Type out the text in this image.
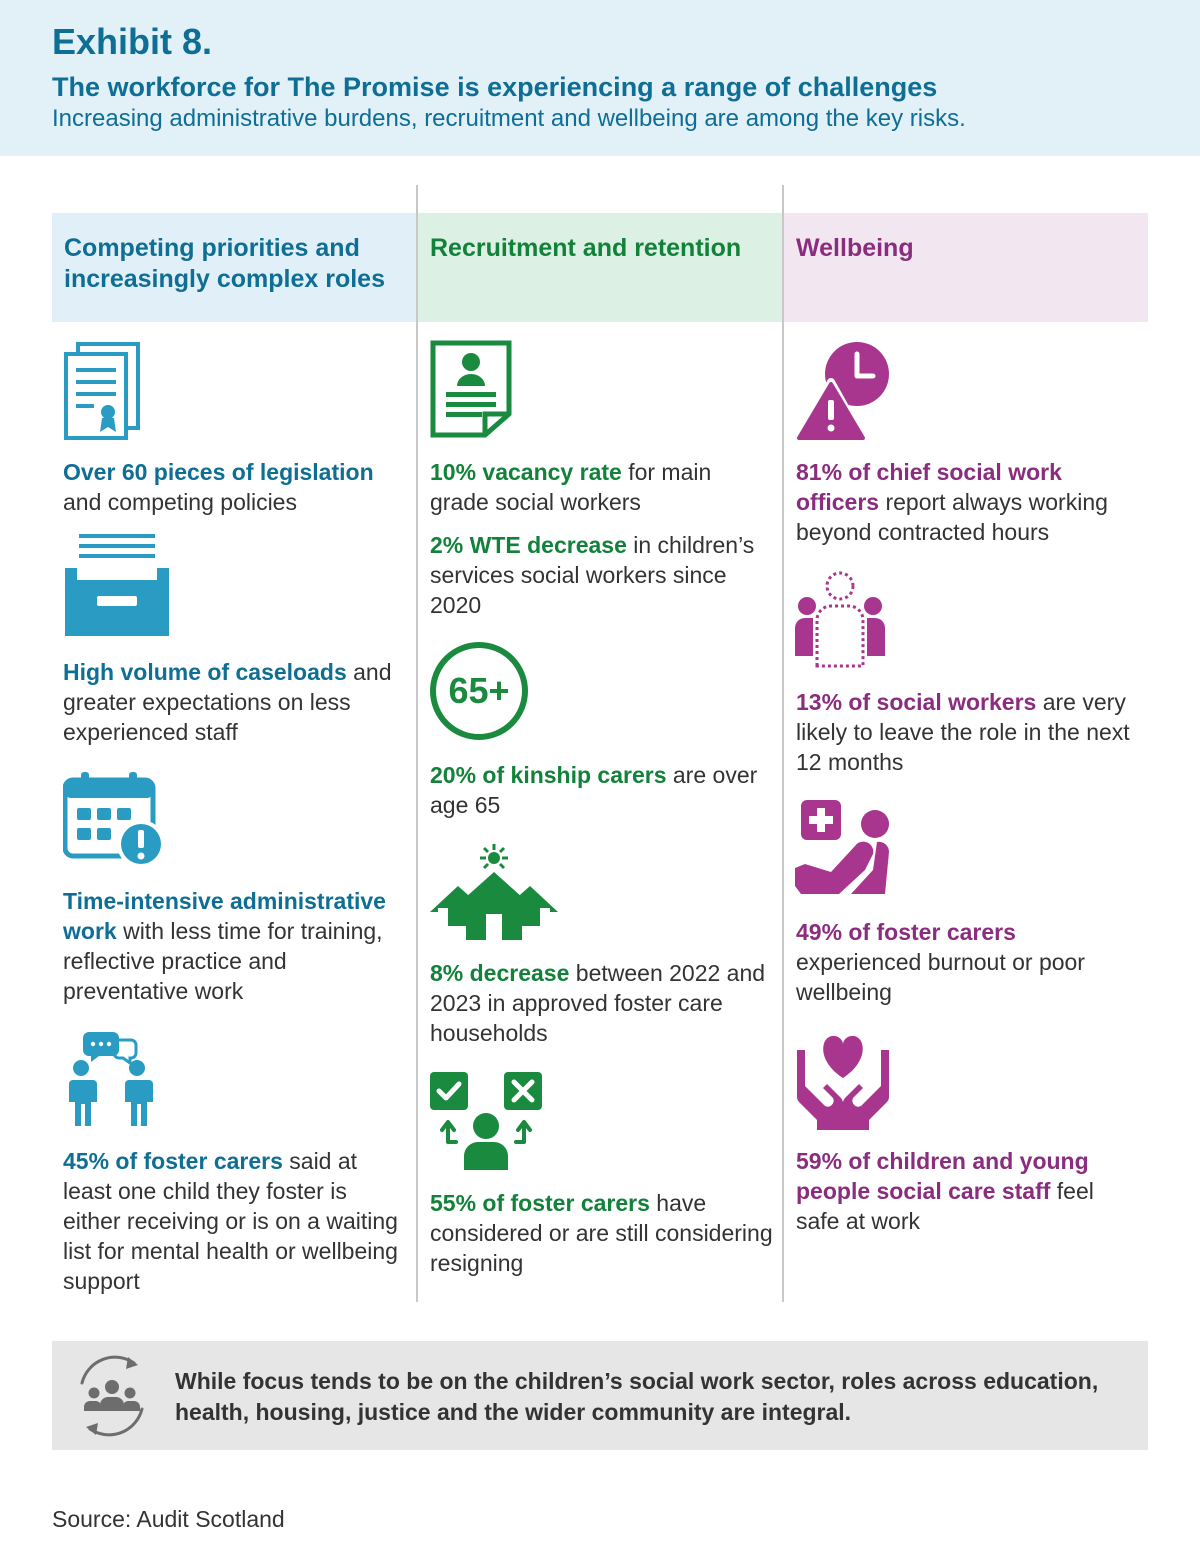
Exhibit 8.
The workforce for The Promise is experiencing a range of challenges
Increasing administrative burdens, recruitment and wellbeing are among the key risks.
Competing priorities and increasingly complex roles
Recruitment and retention	Wellbeing
Over 60 pieces of legislation and competing policies
High volume of caseloads and greater expectations on less experienced staff
Time-intensive administrative work with less time for training, reflective practice and preventative work
45% of foster carers said at least one child they foster is either receiving or is on a waiting list for mental health or wellbeing support
10% vacancy rate for main grade social workers
2% WTE decrease in children’s services social workers since 2020
65+
20% of kinship carers are over age 65
8% decrease between 2022 and 2023 in approved foster care households
55% of foster carers have considered or are still considering resigning
81% of chief social work officers report always working beyond contracted hours
13% of social workers are very likely to leave the role in the next 12 months
49% of foster carers experienced burnout or poor wellbeing
59% of children and young people social care staff feel safe at work
While focus tends to be on the children’s social work sector, roles across education, health, housing, justice and the wider community are integral.
Source: Audit Scotland
